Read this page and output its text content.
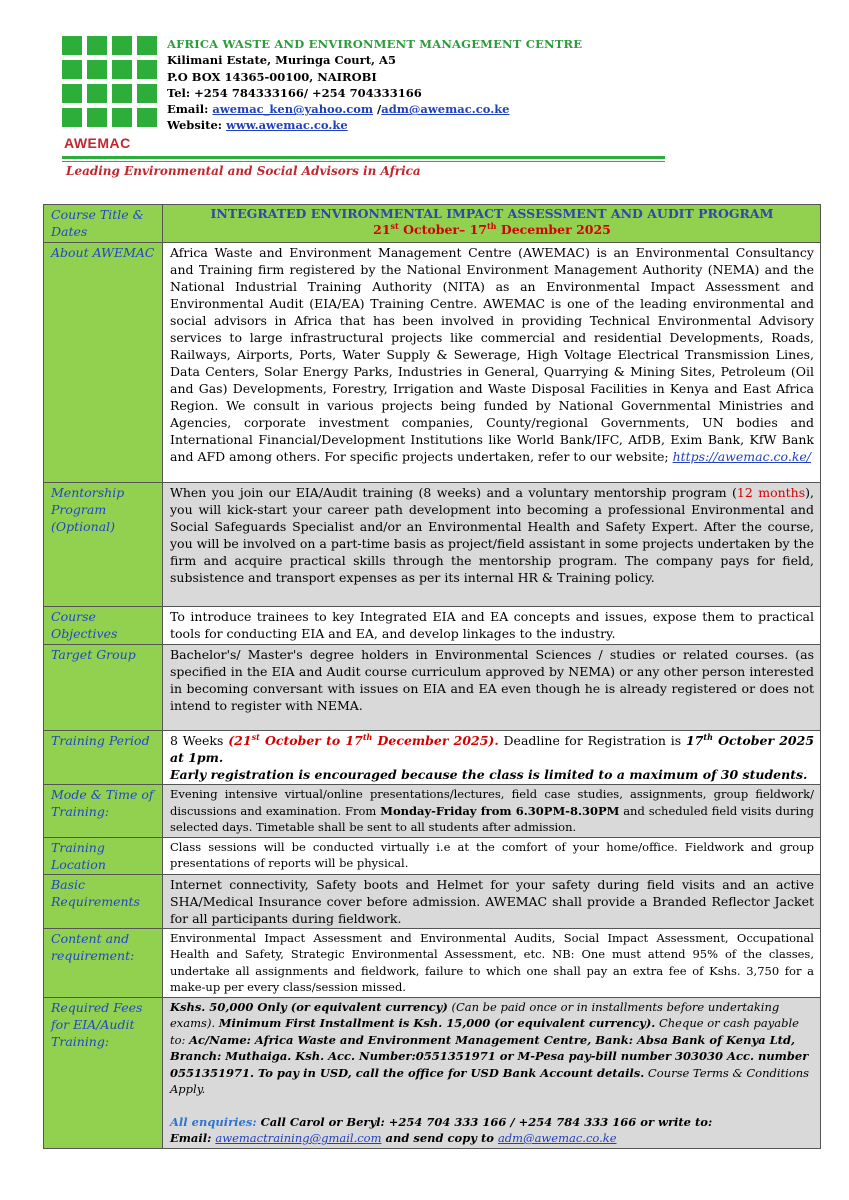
AWEMAC
AFRICA WASTE AND ENVIRONMENT MANAGEMENT CENTRE
Kilimani Estate, Muringa Court, A5
P.O BOX 14365-00100, NAIROBI
Tel: +254 784333166/ +254 704333166
Email: awemac_ken@yahoo.com /adm@awemac.co.ke
Website: www.awemac.co.ke
Leading Environmental and Social Advisors in Africa
Course Title & Dates	INTEGRATED ENVIRONMENTAL IMPACT ASSESSMENT AND AUDIT PROGRAM
21st October– 17th December 2025

About AWEMAC	Africa Waste and Environment Management Centre (AWEMAC) is an Environmental Consultancy and Training firm registered by the National Environment Management Authority (NEMA) and the National Industrial Training Authority (NITA) as an Environmental Impact Assessment and Environmental Audit (EIA/EA) Training Centre. AWEMAC is one of the leading environmental and social advisors in Africa that has been involved in providing Technical Environmental Advisory services to large infrastructural projects like commercial and residential Developments, Roads, Railways, Airports, Ports, Water Supply & Sewerage, High Voltage Electrical Transmission Lines, Data Centers, Solar Energy Parks, Industries in General, Quarrying & Mining Sites, Petroleum (Oil and Gas) Developments, Forestry, Irrigation and Waste Disposal Facilities in Kenya and East Africa Region. We consult in various projects being funded by National Governmental Ministries and Agencies, corporate investment companies, County/regional Governments, UN bodies and International Financial/Development Institutions like World Bank/IFC, AfDB, Exim Bank, KfW Bank and AFD among others. For specific projects undertaken, refer to our website; https://awemac.co.ke/
Mentorship Program (Optional)	When you join our EIA/Audit training (8 weeks) and a voluntary mentorship program (12 months), you will kick-start your career path development into becoming a professional Environmental and Social Safeguards Specialist and/or an Environmental Health and Safety Expert. After the course, you will be involved on a part-time basis as project/field assistant in some projects undertaken by the firm and acquire practical skills through the mentorship program. The company pays for field, subsistence and transport expenses as per its internal HR & Training policy.
Course Objectives	To introduce trainees to key Integrated EIA and EA concepts and issues, expose them to practical tools for conducting EIA and EA, and develop linkages to the industry.
Target Group	Bachelor's/ Master's degree holders in Environmental Sciences / studies or related courses. (as specified in the EIA and Audit course curriculum approved by NEMA) or any other person interested in becoming conversant with issues on EIA and EA even though he is already registered or does not intend to register with NEMA.
Training Period	8 Weeks (21st October to 17th December 2025). Deadline for Registration is 17th October 2025 at 1pm.
Early registration is encouraged because the class is limited to a maximum of 30 students.
Mode & Time of Training:	Evening intensive virtual/online presentations/lectures, field case studies, assignments, group fieldwork/ discussions and examination. From Monday-Friday from 6.30PM-8.30PM and scheduled field visits during selected days. Timetable shall be sent to all students after admission.
Training Location	Class sessions will be conducted virtually i.e at the comfort of your home/office. Fieldwork and group presentations of reports will be physical.
Basic Requirements	Internet connectivity, Safety boots and Helmet for your safety during field visits and an active SHA/Medical Insurance cover before admission. AWEMAC shall provide a Branded Reflector Jacket for all participants during fieldwork.
Content and requirement:	Environmental Impact Assessment and Environmental Audits, Social Impact Assessment, Occupational Health and Safety, Strategic Environmental Assessment, etc. NB: One must attend 95% of the classes, undertake all assignments and fieldwork, failure to which one shall pay an extra fee of Kshs. 3,750 for a make-up per every class/session missed.
Required Fees for EIA/Audit Training:	Kshs. 50,000 Only (or equivalent currency) (Can be paid once or in installments before undertaking exams). Minimum First Installment is Ksh. 15,000 (or equivalent currency). Cheque or cash payable to: Ac/Name: Africa Waste and Environment Management Centre, Bank: Absa Bank of Kenya Ltd, Branch: Muthaiga. Ksh. Acc. Number:0551351971 or M-Pesa pay-bill number 303030 Acc. number 0551351971. To pay in USD, call the office for USD Bank Account details. Course Terms & Conditions Apply.
All enquiries: Call Carol or Beryl: +254 704 333 166 / +254 784 333 166 or write to:
Email: awemactraining@gmail.com and send copy to adm@awemac.co.ke
